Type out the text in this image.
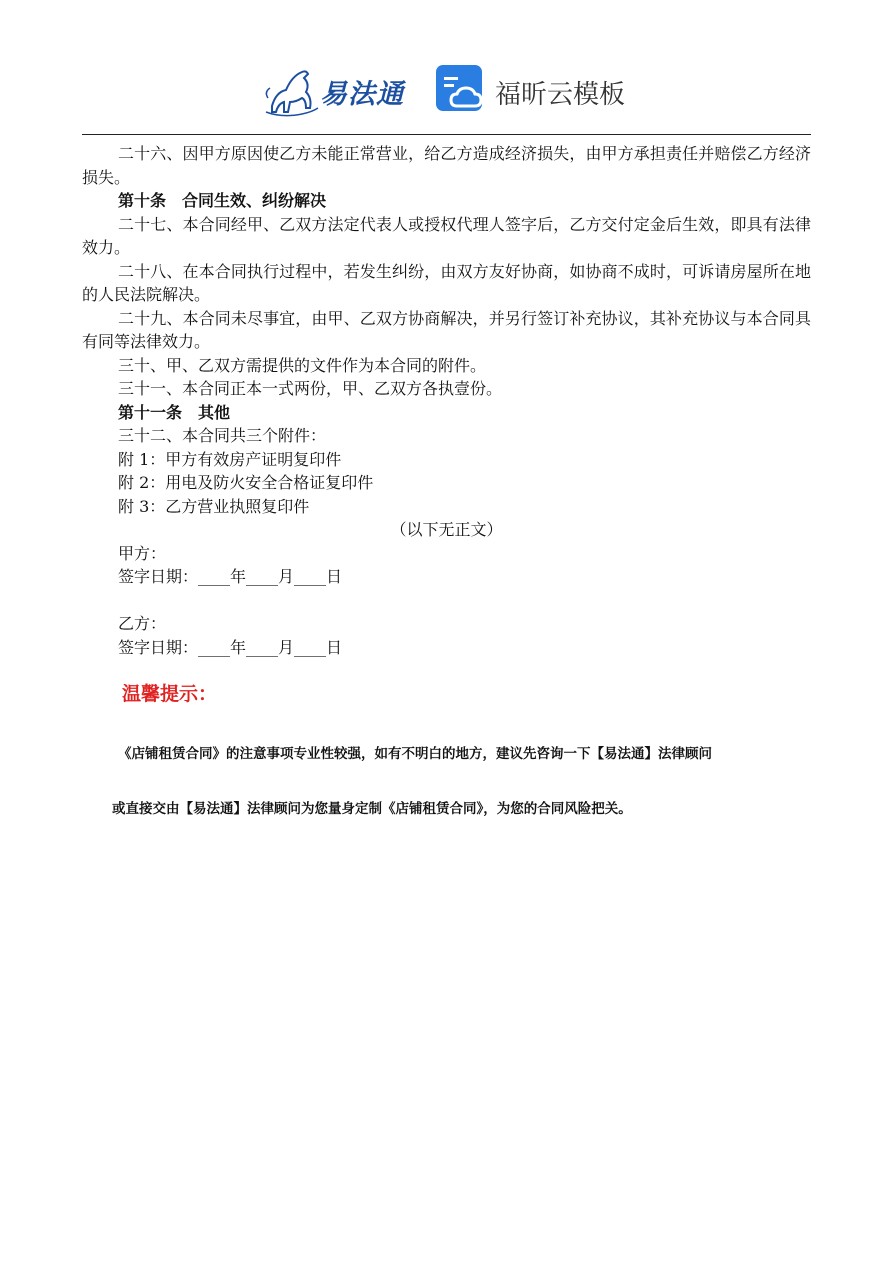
易法通	福昕云模板

二十六、因甲方原因使乙方未能正常营业，给乙方造成经济损失，由甲方承担责任并赔偿乙方经济损失。

第十条　合同生效、纠纷解决

二十七、本合同经甲、乙双方法定代表人或授权代理人签字后，乙方交付定金后生效，即具有法律效力。

二十八、在本合同执行过程中，若发生纠纷，由双方友好协商，如协商不成时，可诉请房屋所在地的人民法院解决。

二十九、本合同未尽事宜，由甲、乙双方协商解决，并另行签订补充协议，其补充协议与本合同具有同等法律效力。

三十、甲、乙双方需提供的文件作为本合同的附件。

三十一、本合同正本一式两份，甲、乙双方各执壹份。

第十一条　其他

三十二、本合同共三个附件：

附 1：甲方有效房产证明复印件

附 2：用电及防火安全合格证复印件

附 3：乙方营业执照复印件

（以下无正文）

甲方：

签字日期：____年____月____日

乙方：

签字日期：____年____月____日

温馨提示：
《店铺租赁合同》的注意事项专业性较强，如有不明白的地方，建议先咨询一下【易法通】法律顾问
或直接交由【易法通】法律顾问为您量身定制《店铺租赁合同》，为您的合同风险把关。
